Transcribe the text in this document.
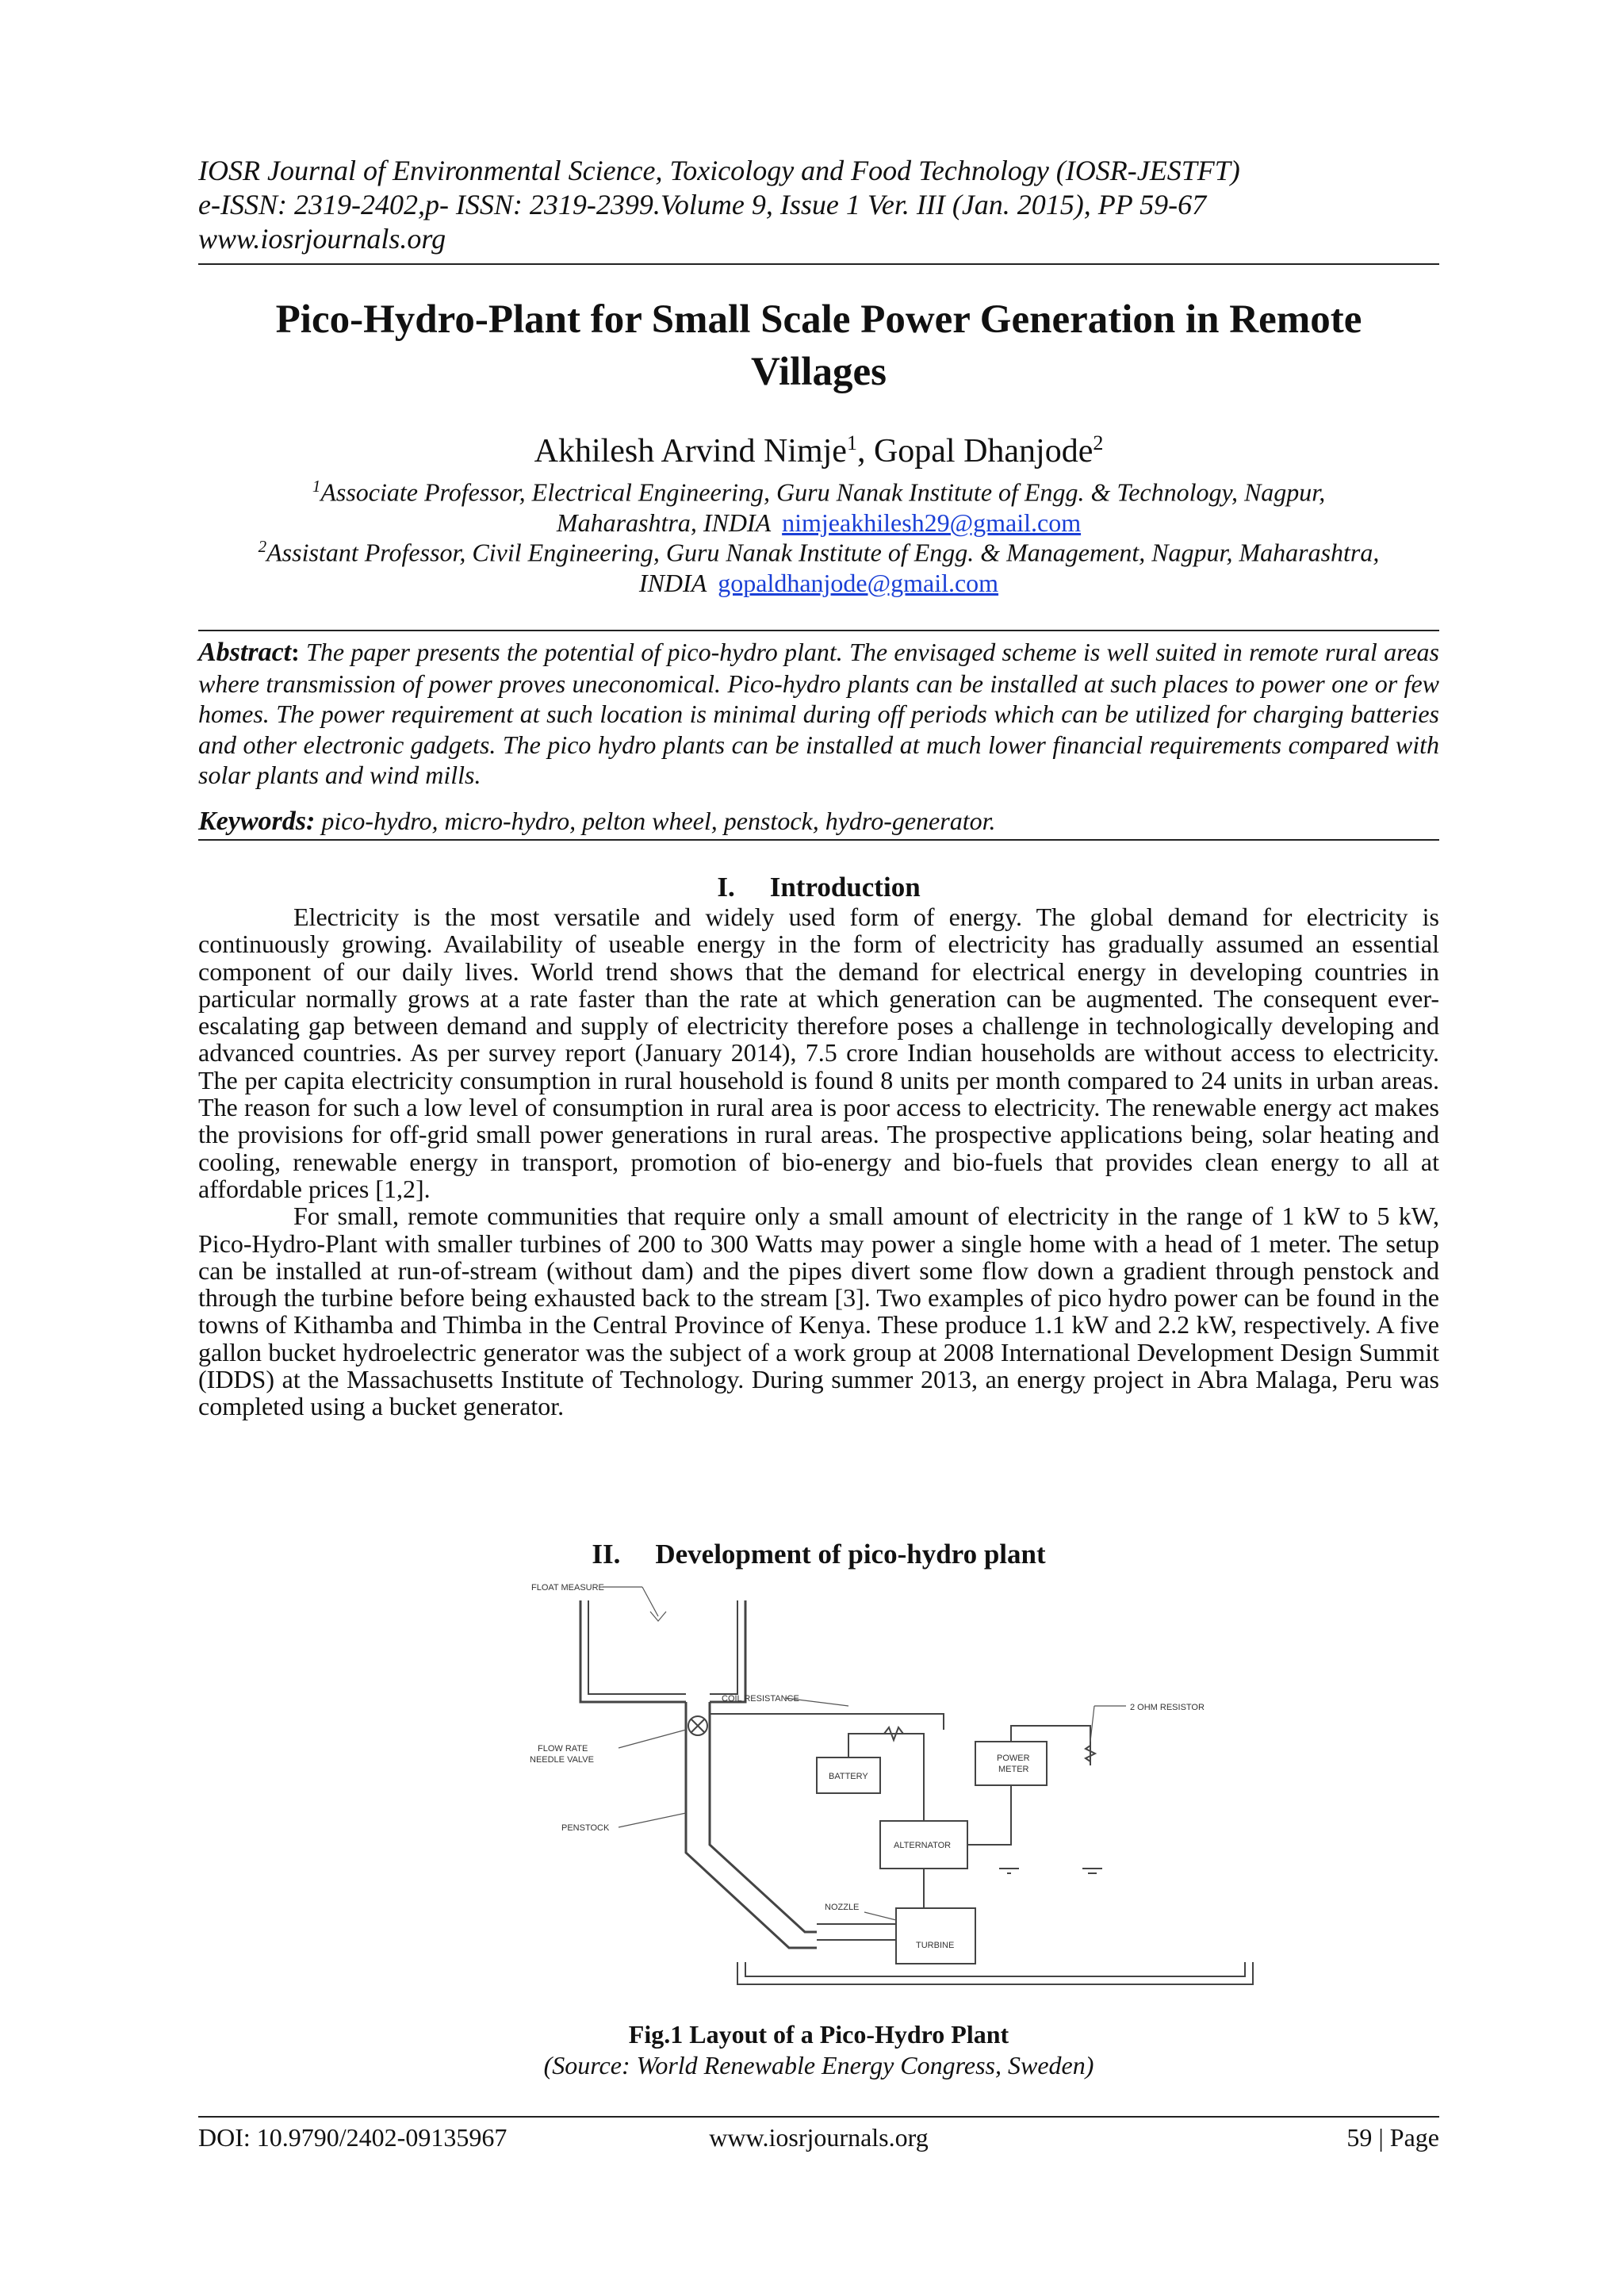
IOSR Journal of Environmental Science, Toxicology and Food Technology (IOSR-JESTFT)
e-ISSN: 2319-2402,p- ISSN: 2319-2399.Volume 9, Issue 1 Ver. III (Jan. 2015), PP 59-67
www.iosrjournals.org
Pico-Hydro-Plant for Small Scale Power Generation in Remote
Villages
Akhilesh Arvind Nimje$^1$, Gopal Dhanjode$^2$
$^1$Associate Professor, Electrical Engineering, Guru Nanak Institute of Engg. & Technology, Nagpur,
Maharashtra, INDIA nimjeakhilesh29@gmail.com
$^2$Assistant Professor, Civil Engineering, Guru Nanak Institute of Engg. & Management, Nagpur, Maharashtra,
INDIA gopaldhanjode@gmail.com
Abstract: The paper presents the potential of pico-hydro plant. The envisaged scheme is well suited in remote rural areas where transmission of power proves uneconomical. Pico-hydro plants can be installed at such places to power one or few homes. The power requirement at such location is minimal during off periods which can be utilized for charging batteries and other electronic gadgets. The pico hydro plants can be installed at much lower financial requirements compared with solar plants and wind mills.
Keywords: pico-hydro, micro-hydro, pelton wheel, penstock, hydro-generator.
I. Introduction

Electricity is the most versatile and widely used form of energy. The global demand for electricity is continuously growing. Availability of useable energy in the form of electricity has gradually assumed an essential component of our daily lives. World trend shows that the demand for electrical energy in developing countries in particular normally grows at a rate faster than the rate at which generation can be augmented. The consequent ever-escalating gap between demand and supply of electricity therefore poses a challenge in technologically developing and advanced countries. As per survey report (January 2014), 7.5 crore Indian households are without access to electricity. The per capita electricity consumption in rural household is found 8 units per month compared to 24 units in urban areas. The reason for such a low level of consumption in rural area is poor access to electricity. The renewable energy act makes the provisions for off-grid small power generations in rural areas. The prospective applications being, solar heating and cooling, renewable energy in transport, promotion of bio-energy and bio-fuels that provides clean energy to all at affordable prices [1,2].

For small, remote communities that require only a small amount of electricity in the range of 1 kW to 5 kW, Pico-Hydro-Plant with smaller turbines of 200 to 300 Watts may power a single home with a head of 1 meter. The setup can be installed at run-of-stream (without dam) and the pipes divert some flow down a gradient through penstock and through the turbine before being exhausted back to the stream [3]. Two examples of pico hydro power can be found in the towns of Kithamba and Thimba in the Central Province of Kenya. These produce 1.1 kW and 2.2 kW, respectively. A five gallon bucket hydroelectric generator was the subject of a work group at 2008 International Development Design Summit (IDDS) at the Massachusetts Institute of Technology. During summer 2013, an energy project in Abra Malaga, Peru was completed using a bucket generator.

II. Development of pico-hydro plant
FLOAT MEASURE
FLOW RATE
NEEDLE VALVE
PENSTOCK
COIL RESISTANCE
BATTERY
POWER
METER
2 OHM RESISTOR
ALTERNATOR
NOZZLE
TURBINE
Fig.1 Layout of a Pico-Hydro Plant
(Source: World Renewable Energy Congress, Sweden)
DOI: 10.9790/2402-09135967	www.iosrjournals.org	59 | Page
